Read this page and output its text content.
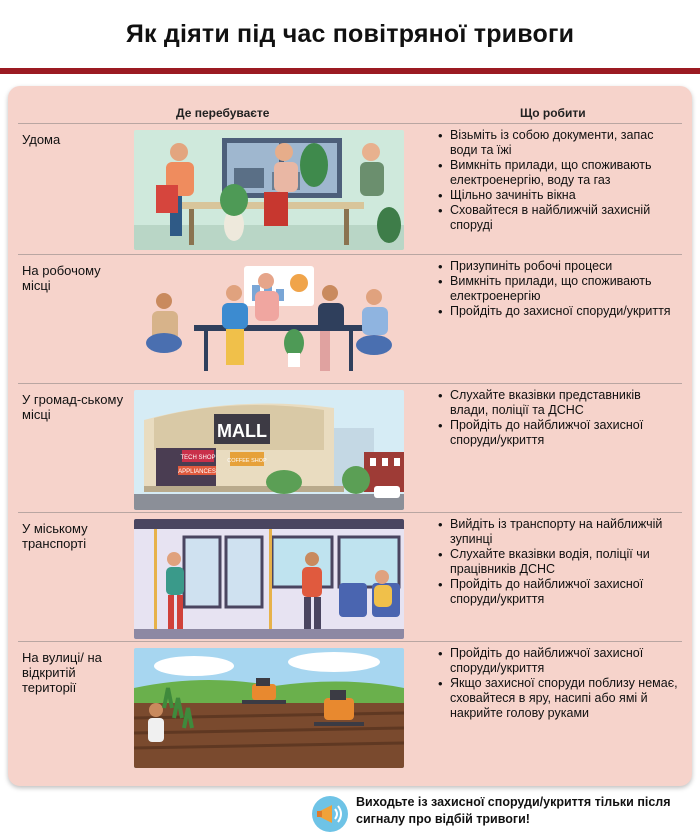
Як діяти під час повітряної тривоги
Де перебуваєте	Що робити
Удома
•	Візьміть із собою документи, запас води та їжі
• Вимкніть прилади, що споживають електроенергію, воду та газ
• Щільно зачиніть вікна
• Сховайтеся в найближчій захисній споруді
На робочому місці
• Призупиніть робочі процеси
• Вимкніть прилади, що споживають електроенергію
• Пройдіть до захисної споруди/укриття
У громад-ському місці
MALL
TECH SHOP
APPLIANCES
COFFEE SHOP
• Слухайте вказівки представників влади, поліції та ДСНС
• Пройдіть до найближчої захисної споруди/укриття
У міському транспорті
• Вийдіть із транспорту на найближчій зупинці
• Слухайте вказівки водія, поліції чи працівників ДСНС
• Пройдіть до найближчої захисної споруди/укриття
На вулиці/ на відкритій території
• Пройдіть до найближчої захисної споруди/укриття
• Якщо захисної споруди поблизу немає, сховайтеся в яру, насипі або ямі й накрийте голову руками
Виходьте із захисної споруди/укриття тільки після сигналу про відбій тривоги!
